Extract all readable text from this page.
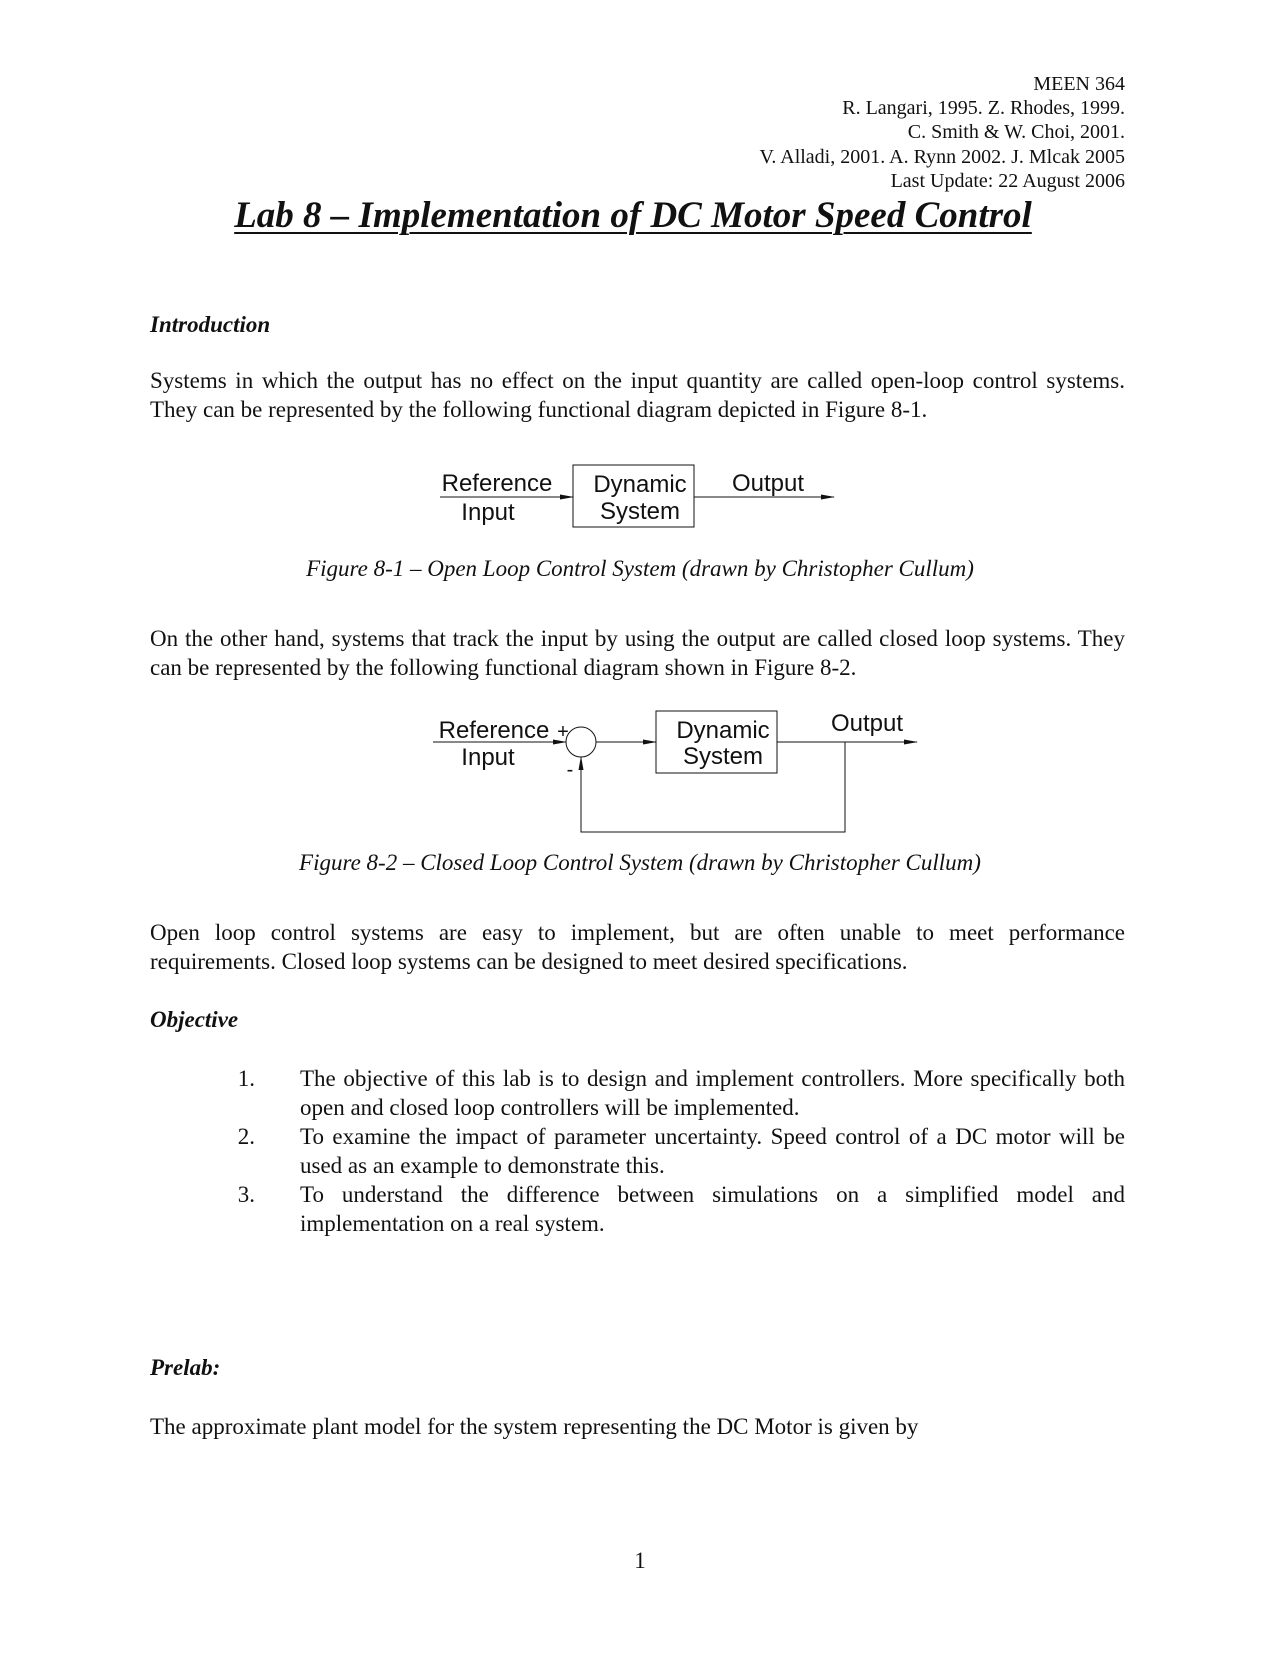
MEEN 364
R. Langari, 1995. Z. Rhodes, 1999.
C. Smith & W. Choi, 2001.
V. Alladi, 2001. A. Rynn 2002. J. Mlcak 2005
Last Update: 22 August 2006
Lab 8 – Implementation of DC Motor Speed Control
Introduction

Systems in which the output has no effect on the input quantity are called open-loop control systems. They can be represented by the following functional diagram depicted in Figure 8-1.

Reference
Input
Dynamic
System
Output
Figure 8-1 – Open Loop Control System (drawn by Christopher Cullum)

On the other hand, systems that track the input by using the output are called closed loop systems. They can be represented by the following functional diagram shown in Figure 8-2.

Reference
Input
+
-
Dynamic
System
Output
Figure 8-2 – Closed Loop Control System (drawn by Christopher Cullum)

Open loop control systems are easy to implement, but are often unable to meet performance requirements. Closed loop systems can be designed to meet desired specifications.

Objective
1. The objective of this lab is to design and implement controllers. More specifically both open and closed loop controllers will be implemented.
2. To examine the impact of parameter uncertainty. Speed control of a DC motor will be used as an example to demonstrate this.
3. To understand the difference between simulations on a simplified model and implementation on a real system.
Prelab:

The approximate plant model for the system representing the DC Motor is given by

1
